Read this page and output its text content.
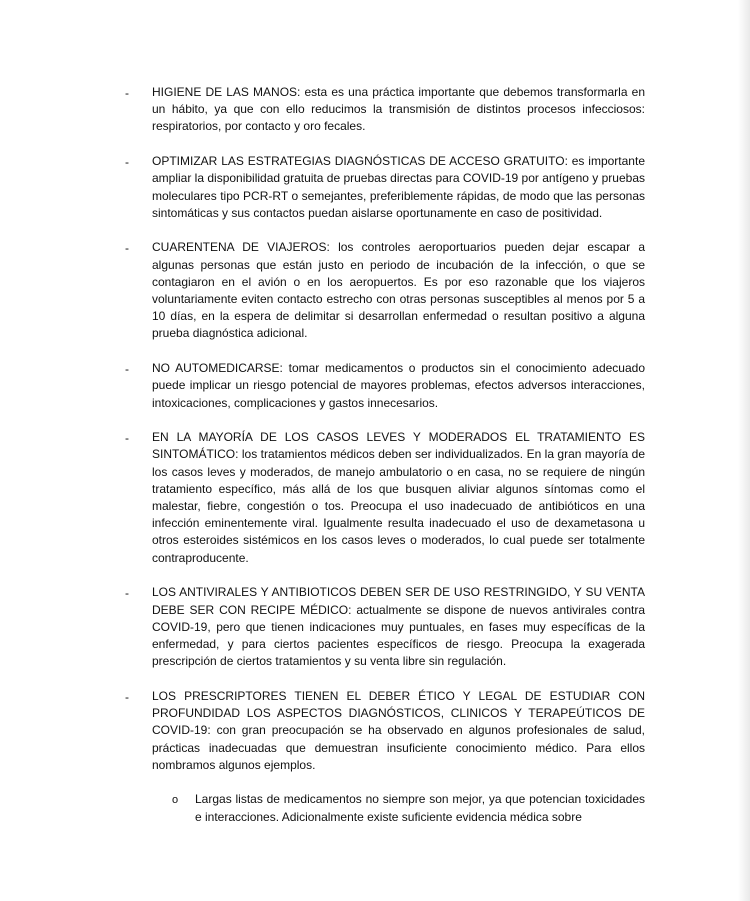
- HIGIENE DE LAS MANOS: esta es una práctica importante que debemos transformarla en un hábito, ya que con ello reducimos la transmisión de distintos procesos infecciosos: respiratorios, por contacto y oro fecales.

- OPTIMIZAR LAS ESTRATEGIAS DIAGNÓSTICAS DE ACCESO GRATUITO: es importante ampliar la disponibilidad gratuita de pruebas directas para COVID-19 por antígeno y pruebas moleculares tipo PCR-RT o semejantes, preferiblemente rápidas, de modo que las personas sintomáticas y sus contactos puedan aislarse oportunamente en caso de positividad.

- CUARENTENA DE VIAJEROS: los controles aeroportuarios pueden dejar escapar a algunas personas que están justo en periodo de incubación de la infección, o que se contagiaron en el avión o en los aeropuertos. Es por eso razonable que los viajeros voluntariamente eviten contacto estrecho con otras personas susceptibles al menos por 5 a 10 días, en la espera de delimitar si desarrollan enfermedad o resultan positivo a alguna prueba diagnóstica adicional.

- NO AUTOMEDICARSE: tomar medicamentos o productos sin el conocimiento adecuado puede implicar un riesgo potencial de mayores problemas, efectos adversos interacciones, intoxicaciones, complicaciones y gastos innecesarios.

- EN LA MAYORÍA DE LOS CASOS LEVES Y MODERADOS EL TRATAMIENTO ES SINTOMÁTICO: los tratamientos médicos deben ser individualizados. En la gran mayoría de los casos leves y moderados, de manejo ambulatorio o en casa, no se requiere de ningún tratamiento específico, más allá de los que busquen aliviar algunos síntomas como el malestar, fiebre, congestión o tos. Preocupa el uso inadecuado de antibióticos en una infección eminentemente viral. Igualmente resulta inadecuado el uso de dexametasona u otros esteroides sistémicos en los casos leves o moderados, lo cual puede ser totalmente contraproducente.

- LOS ANTIVIRALES Y ANTIBIOTICOS DEBEN SER DE USO RESTRINGIDO, Y SU VENTA DEBE SER CON RECIPE MÉDICO: actualmente se dispone de nuevos antivirales contra COVID-19, pero que tienen indicaciones muy puntuales, en fases muy específicas de la enfermedad, y para ciertos pacientes específicos de riesgo. Preocupa la exagerada prescripción de ciertos tratamientos y su venta libre sin regulación.

- LOS PRESCRIPTORES TIENEN EL DEBER ÉTICO Y LEGAL DE ESTUDIAR CON PROFUNDIDAD LOS ASPECTOS DIAGNÓSTICOS, CLINICOS Y TERAPEÚTICOS DE COVID-19: con gran preocupación se ha observado en algunos profesionales de salud, prácticas inadecuadas que demuestran insuficiente conocimiento médico. Para ellos nombramos algunos ejemplos.

o Largas listas de medicamentos no siempre son mejor, ya que potencian toxicidades e interacciones. Adicionalmente existe suficiente evidencia médica sobre
